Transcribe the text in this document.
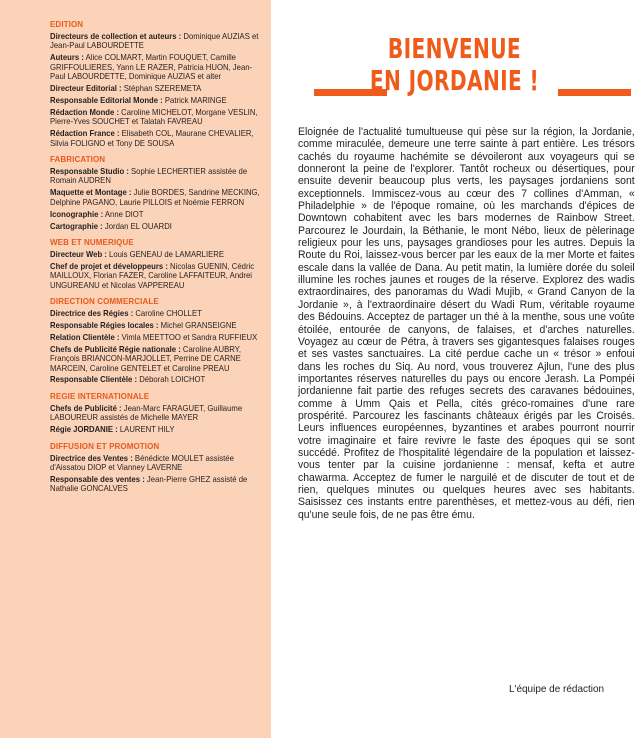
EDITION
Directeurs de collection et auteurs : Dominique AUZIAS et Jean-Paul LABOURDETTE
Auteurs : Alice COLMART, Martin FOUQUET, Camille GRIFFOULIERES, Yann LE RAZER, Patricia HUON, Jean-Paul LABOURDETTE, Dominique AUZIAS et alter
Directeur Editorial : Stéphan SZEREMETA
Responsable Editorial Monde : Patrick MARINGE
Rédaction Monde : Caroline MICHELOT, Morgane VESLIN, Pierre-Yves SOUCHET et Talatah FAVREAU
Rédaction France : Elisabeth COL, Maurane CHEVALIER, Silvia FOLIGNO et Tony DE SOUSA
FABRICATION
Responsable Studio : Sophie LECHERTIER assistée de Romain AUDREN
Maquette et Montage : Julie BORDES, Sandrine MECKING, Delphine PAGANO, Laurie PILLOIS et Noémie FERRON
Iconographie : Anne DIOT
Cartographie : Jordan EL OUARDI
WEB ET NUMERIQUE
Directeur Web : Louis GENEAU de LAMARLIERE
Chef de projet et développeurs : Nicolas GUENIN, Cédric MAILLOUX, Florian FAZER, Caroline LAFFAITEUR, Andrei UNGUREANU et Nicolas VAPPEREAU
DIRECTION COMMERCIALE
Directrice des Régies : Caroline CHOLLET
Responsable Régies locales : Michel GRANSEIGNE
Relation Clientèle : Vimla MEETTOO et Sandra RUFFIEUX
Chefs de Publicité Régie nationale : Caroline AUBRY, François BRIANCON-MARJOLLET, Perrine DE CARNE MARCEIN, Caroline GENTELET et Caroline PREAU
Responsable Clientèle : Déborah LOICHOT
REGIE INTERNATIONALE
Chefs de Publicité : Jean-Marc FARAGUET, Guillaume LABOUREUR assistés de Michelle MAYER
Régie JORDANIE : LAURENT HILY
DIFFUSION ET PROMOTION
Directrice des Ventes : Bénédicte MOULET assistée d'Aissatou DIOP et Vianney LAVERNE
Responsable des ventes : Jean-Pierre GHEZ assisté de Nathalie GONCALVES
BIENVENUE
EN JORDANIE !
Eloignée de l'actualité tumultueuse qui pèse sur la région, la Jordanie, comme miraculée, demeure une terre sainte à part entière. Les trésors cachés du royaume hachémite se dévoileront aux voyageurs qui se donneront la peine de l'explorer. Tantôt rocheux ou désertiques, pour ensuite devenir beaucoup plus verts, les paysages jordaniens sont exceptionnels. Immiscez-vous au cœur des 7 collines d'Amman, « Philadelphie » de l'époque romaine, où les marchands d'épices de Downtown cohabitent avec les bars modernes de Rainbow Street. Parcourez le Jourdain, la Béthanie, le mont Nébo, lieux de pèlerinage religieux pour les uns, paysages grandioses pour les autres. Depuis la Route du Roi, laissez-vous bercer par les eaux de la mer Morte et faites escale dans la vallée de Dana. Au petit matin, la lumière dorée du soleil illumine les roches jaunes et rouges de la réserve. Explorez des wadis extraordinaires, des panoramas du Wadi Mujib, « Grand Canyon de la Jordanie », à l'extraordinaire désert du Wadi Rum, véritable royaume des Bédouins. Acceptez de partager un thé à la menthe, sous une voûte étoilée, entourée de canyons, de falaises, et d'arches naturelles. Voyagez au cœur de Pétra, à travers ses gigantesques falaises rouges et ses vastes sanctuaires. La cité perdue cache un « trésor » enfoui dans les roches du Siq. Au nord, vous trouverez Ajlun, l'une des plus importantes réserves naturelles du pays ou encore Jerash. La Pompéi jordanienne fait partie des refuges secrets des caravanes bédouines, comme à Umm Qais et Pella, cités gréco-romaines d'une rare prospérité. Parcourez les fascinants châteaux érigés par les Croisés. Leurs influences européennes, byzantines et arabes pourront nourrir votre imaginaire et faire revivre le faste des époques qui se sont succédé. Profitez de l'hospitalité légendaire de la population et laissez-vous tenter par la cuisine jordanienne : mensaf, kefta et autre chawarma. Acceptez de fumer le narguilé et de discuter de tout et de rien, quelques minutes ou quelques heures avec ses habitants. Saisissez ces instants entre parenthèses, et mettez-vous au défi, rien qu'une seule fois, de ne pas être ému.
L'équipe de rédaction
